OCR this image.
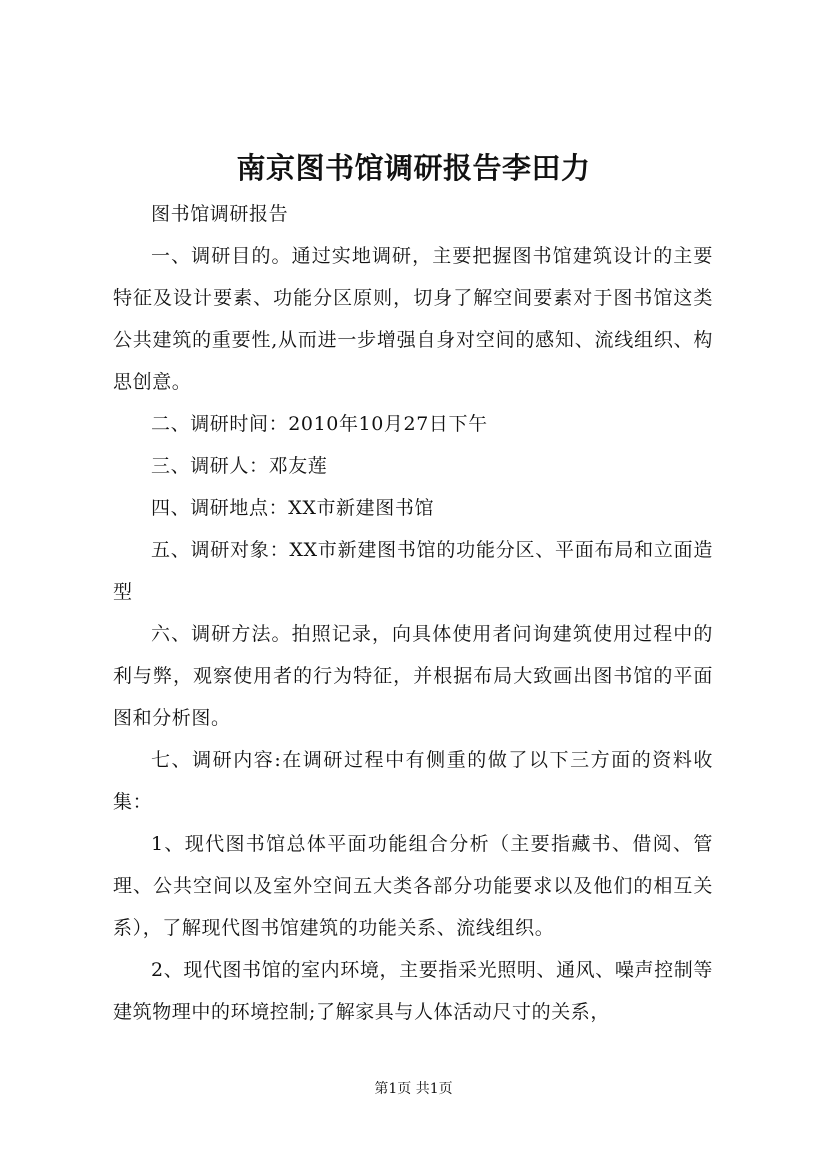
南京图书馆调研报告李田力

图书馆调研报告

一、调研目的。通过实地调研，主要把握图书馆建筑设计的主要特征及设计要素、功能分区原则，切身了解空间要素对于图书馆这类公共建筑的重要性,从而进一步增强自身对空间的感知、流线组织、构思创意。

二、调研时间：2010年10月27日下午

三、调研人：邓友莲

四、调研地点：XX市新建图书馆

五、调研对象：XX市新建图书馆的功能分区、平面布局和立面造型

六、调研方法。拍照记录，向具体使用者问询建筑使用过程中的利与弊，观察使用者的行为特征，并根据布局大致画出图书馆的平面图和分析图。

七、调研内容:在调研过程中有侧重的做了以下三方面的资料收集：

1、现代图书馆总体平面功能组合分析（主要指藏书、借阅、管理、公共空间以及室外空间五大类各部分功能要求以及他们的相互关系），了解现代图书馆建筑的功能关系、流线组织。

2、现代图书馆的室内环境，主要指采光照明、通风、噪声控制等建筑物理中的环境控制;了解家具与人体活动尺寸的关系，

第1页 共1页
